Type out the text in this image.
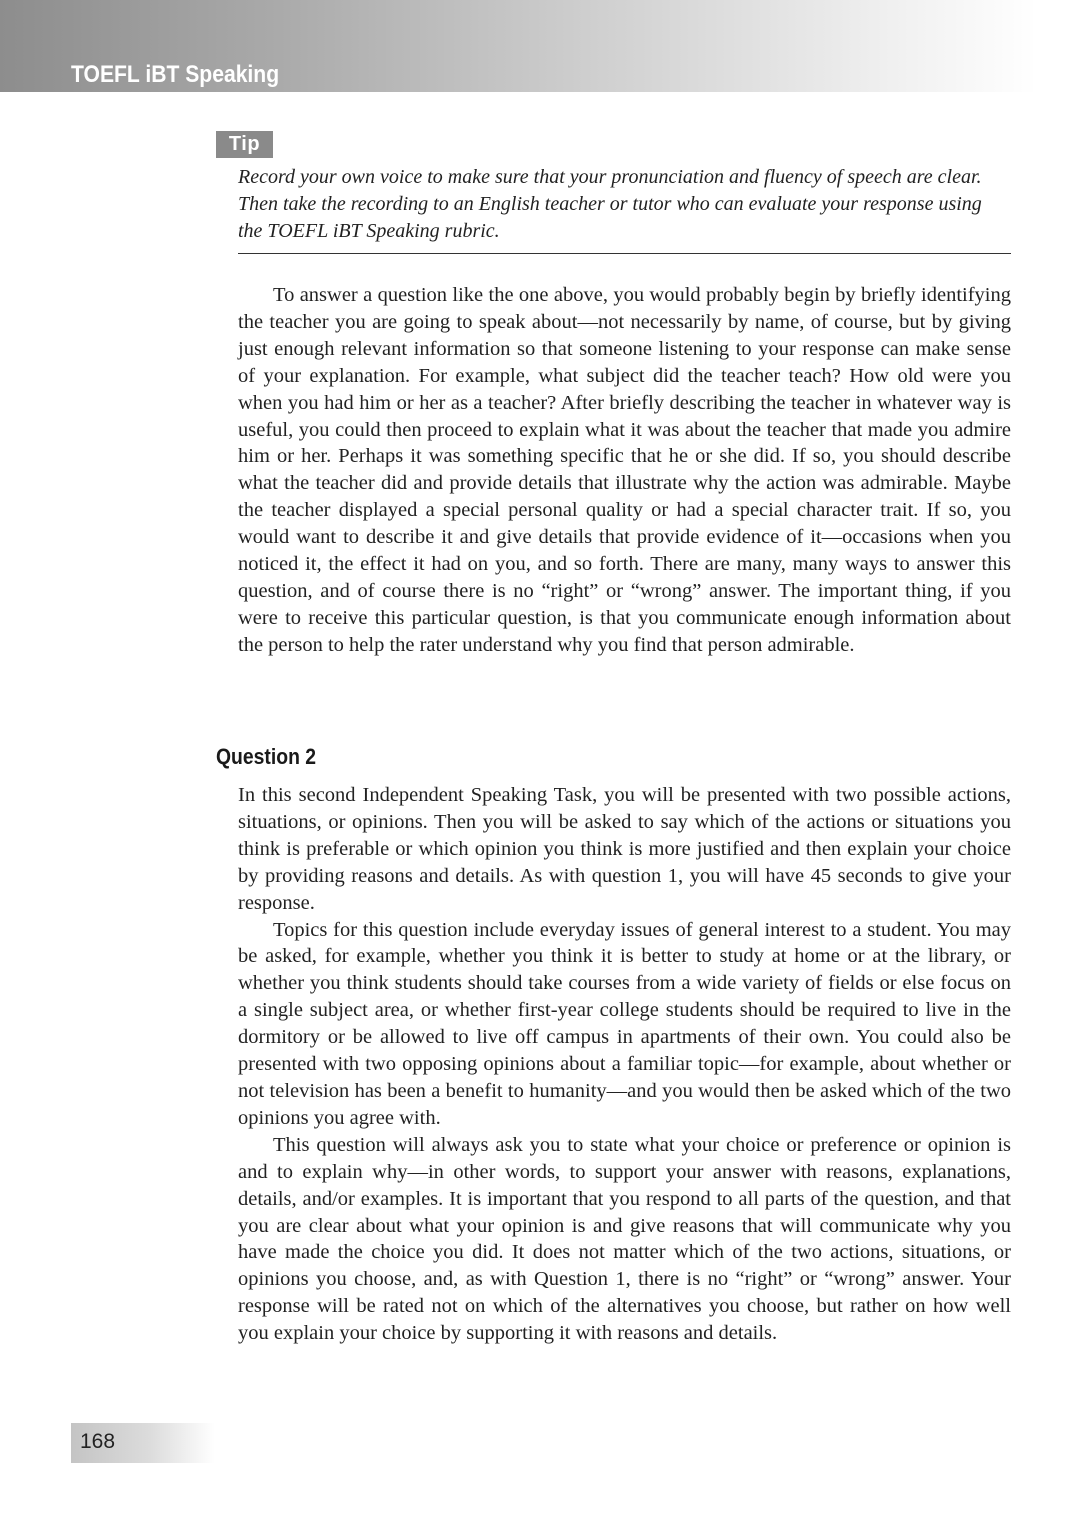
TOEFL iBT Speaking
Tip

Record your own voice to make sure that your pronunciation and fluency of speech are clear. Then take the recording to an English teacher or tutor who can evaluate your response using the TOEFL iBT Speaking rubric.

To answer a question like the one above, you would probably begin by briefly identifying the teacher you are going to speak about—not necessarily by name, of course, but by giving just enough relevant information so that someone listening to your response can make sense of your explanation. For example, what subject did the teacher teach? How old were you when you had him or her as a teacher? After briefly describing the teacher in whatever way is useful, you could then proceed to explain what it was about the teacher that made you admire him or her. Perhaps it was something specific that he or she did. If so, you should describe what the teacher did and provide details that illustrate why the action was admirable. Maybe the teacher displayed a special personal quality or had a special character trait. If so, you would want to describe it and give details that provide evidence of it—occasions when you noticed it, the effect it had on you, and so forth. There are many, many ways to answer this question, and of course there is no “right” or “wrong” answer. The important thing, if you were to receive this particular question, is that you communicate enough information about the person to help the rater understand why you find that person admirable.

Question 2

In this second Independent Speaking Task, you will be presented with two possible actions, situations, or opinions. Then you will be asked to say which of the actions or situations you think is preferable or which opinion you think is more justified and then explain your choice by providing reasons and details. As with question 1, you will have 45 seconds to give your response.

Topics for this question include everyday issues of general interest to a student. You may be asked, for example, whether you think it is better to study at home or at the library, or whether you think students should take courses from a wide variety of fields or else focus on a single subject area, or whether first-year college students should be required to live in the dormitory or be allowed to live off campus in apartments of their own. You could also be presented with two opposing opinions about a familiar topic—for example, about whether or not television has been a benefit to humanity—and you would then be asked which of the two opinions you agree with.

This question will always ask you to state what your choice or preference or opinion is and to explain why—in other words, to support your answer with reasons, explanations, details, and/or examples. It is important that you respond to all parts of the question, and that you are clear about what your opinion is and give reasons that will communicate why you have made the choice you did. It does not matter which of the two actions, situations, or opinions you choose, and, as with Question 1, there is no “right” or “wrong” answer. Your response will be rated not on which of the alternatives you choose, but rather on how well you explain your choice by supporting it with reasons and details.

168
